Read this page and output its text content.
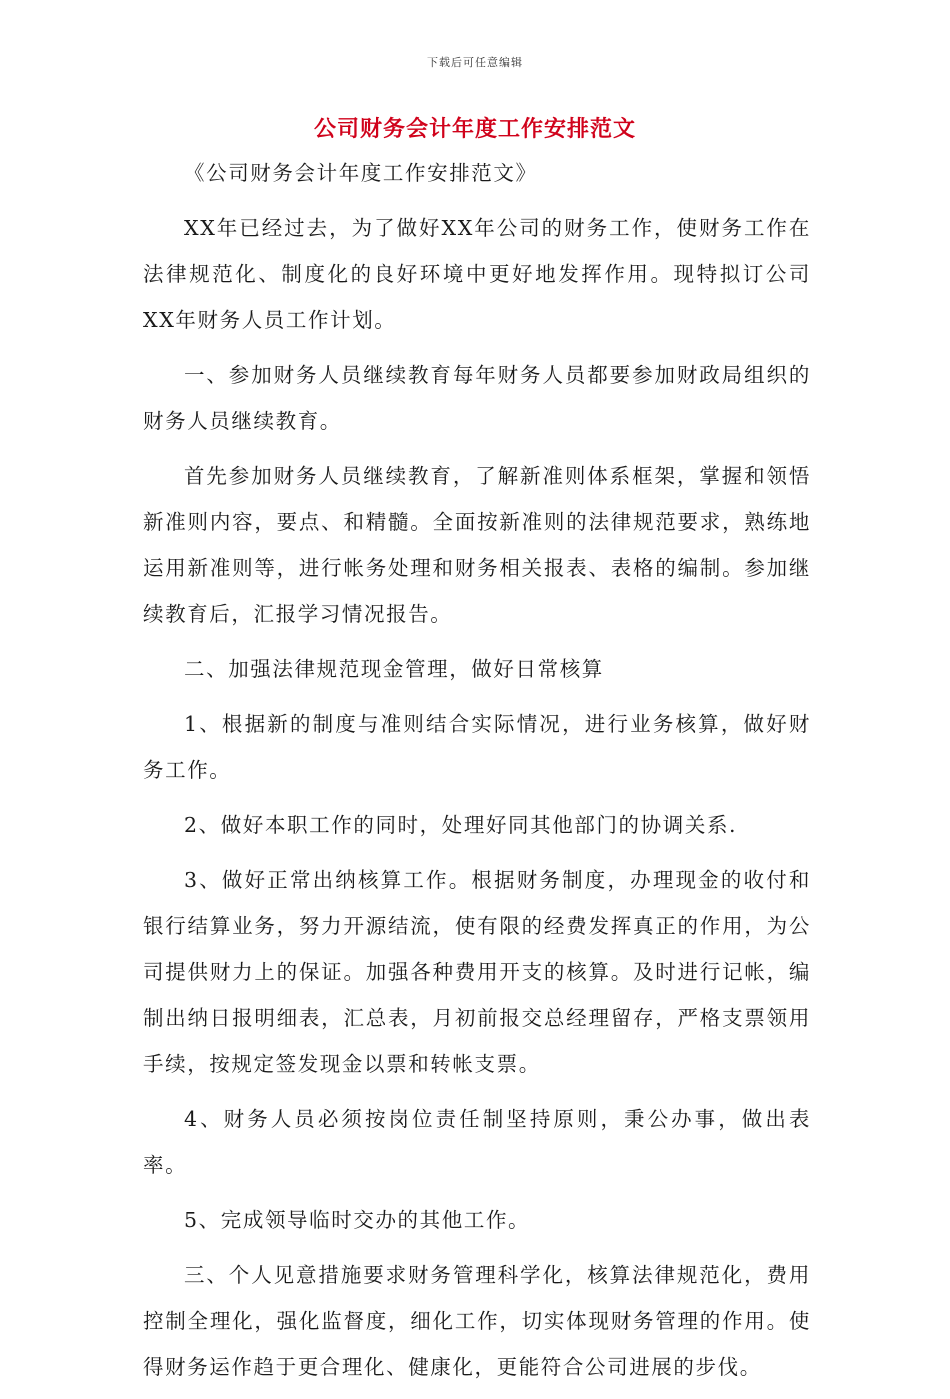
下载后可任意编辑
公司财务会计年度工作安排范文

《公司财务会计年度工作安排范文》

XX年已经过去，为了做好XX年公司的财务工作，使财务工作在法律规范化、制度化的良好环境中更好地发挥作用。现特拟订公司XX年财务人员工作计划。

一、参加财务人员继续教育每年财务人员都要参加财政局组织的财务人员继续教育。

首先参加财务人员继续教育，了解新准则体系框架，掌握和领悟新准则内容，要点、和精髓。全面按新准则的法律规范要求，熟练地运用新准则等，进行帐务处理和财务相关报表、表格的编制。参加继续教育后，汇报学习情况报告。

二、加强法律规范现金管理，做好日常核算

1、根据新的制度与准则结合实际情况，进行业务核算，做好财务工作。

2、做好本职工作的同时，处理好同其他部门的协调关系.

3、做好正常出纳核算工作。根据财务制度，办理现金的收付和银行结算业务，努力开源结流，使有限的经费发挥真正的作用，为公司提供财力上的保证。加强各种费用开支的核算。及时进行记帐，编制出纳日报明细表，汇总表，月初前报交总经理留存，严格支票领用手续，按规定签发现金以票和转帐支票。

4、财务人员必须按岗位责任制坚持原则，秉公办事，做出表率。

5、完成领导临时交办的其他工作。

三、个人见意措施要求财务管理科学化，核算法律规范化，费用控制全理化，强化监督度，细化工作，切实体现财务管理的作用。使得财务运作趋于更合理化、健康化，更能符合公司进展的步伐。
